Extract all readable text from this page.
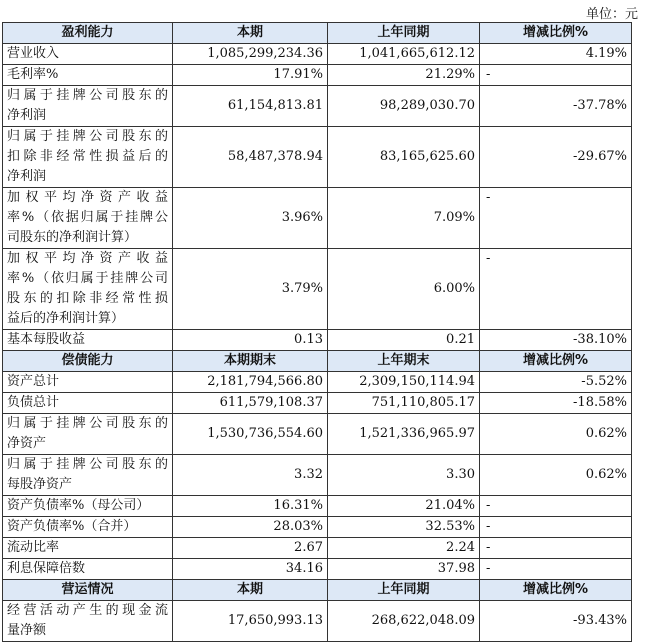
单位：元
盈利能力	本期	上年同期	增减比例%

营业收入	1,085,299,234.36	1,041,665,612.12	4.19%

毛利率%	17.91%	21.29%	-

归属于挂牌公司股东的
净利润	61,154,813.81	98,289,030.70	-37.78%

归属于挂牌公司股东的
扣除非经常性损益后的
净利润	58,487,378.94	83,165,625.60	-29.67%

加权平均净资产收益
率%（依据归属于挂牌公
司股东的净利润计算）	3.96%	7.09%	-

加权平均净资产收益
率%（依归属于挂牌公司
股东的扣除非经常性损
益后的净利润计算）	3.79%	6.00%	-

基本每股收益	0.13	0.21	-38.10%
偿债能力	本期期末	上年期末	增减比例%

资产总计	2,181,794,566.80	2,309,150,114.94	-5.52%

负债总计	611,579,108.37	751,110,805.17	-18.58%

归属于挂牌公司股东的
净资产	1,530,736,554.60	1,521,336,965.97	0.62%

归属于挂牌公司股东的
每股净资产	3.32	3.30	0.62%

资产负债率%（母公司）	16.31%	21.04%	-

资产负债率%（合并）	28.03%	32.53%	-

流动比率	2.67	2.24	-

利息保障倍数	34.16	37.98	-
营运情况	本期	上年同期	增减比例%

经营活动产生的现金流
量净额	17,650,993.13	268,622,048.09	-93.43%
